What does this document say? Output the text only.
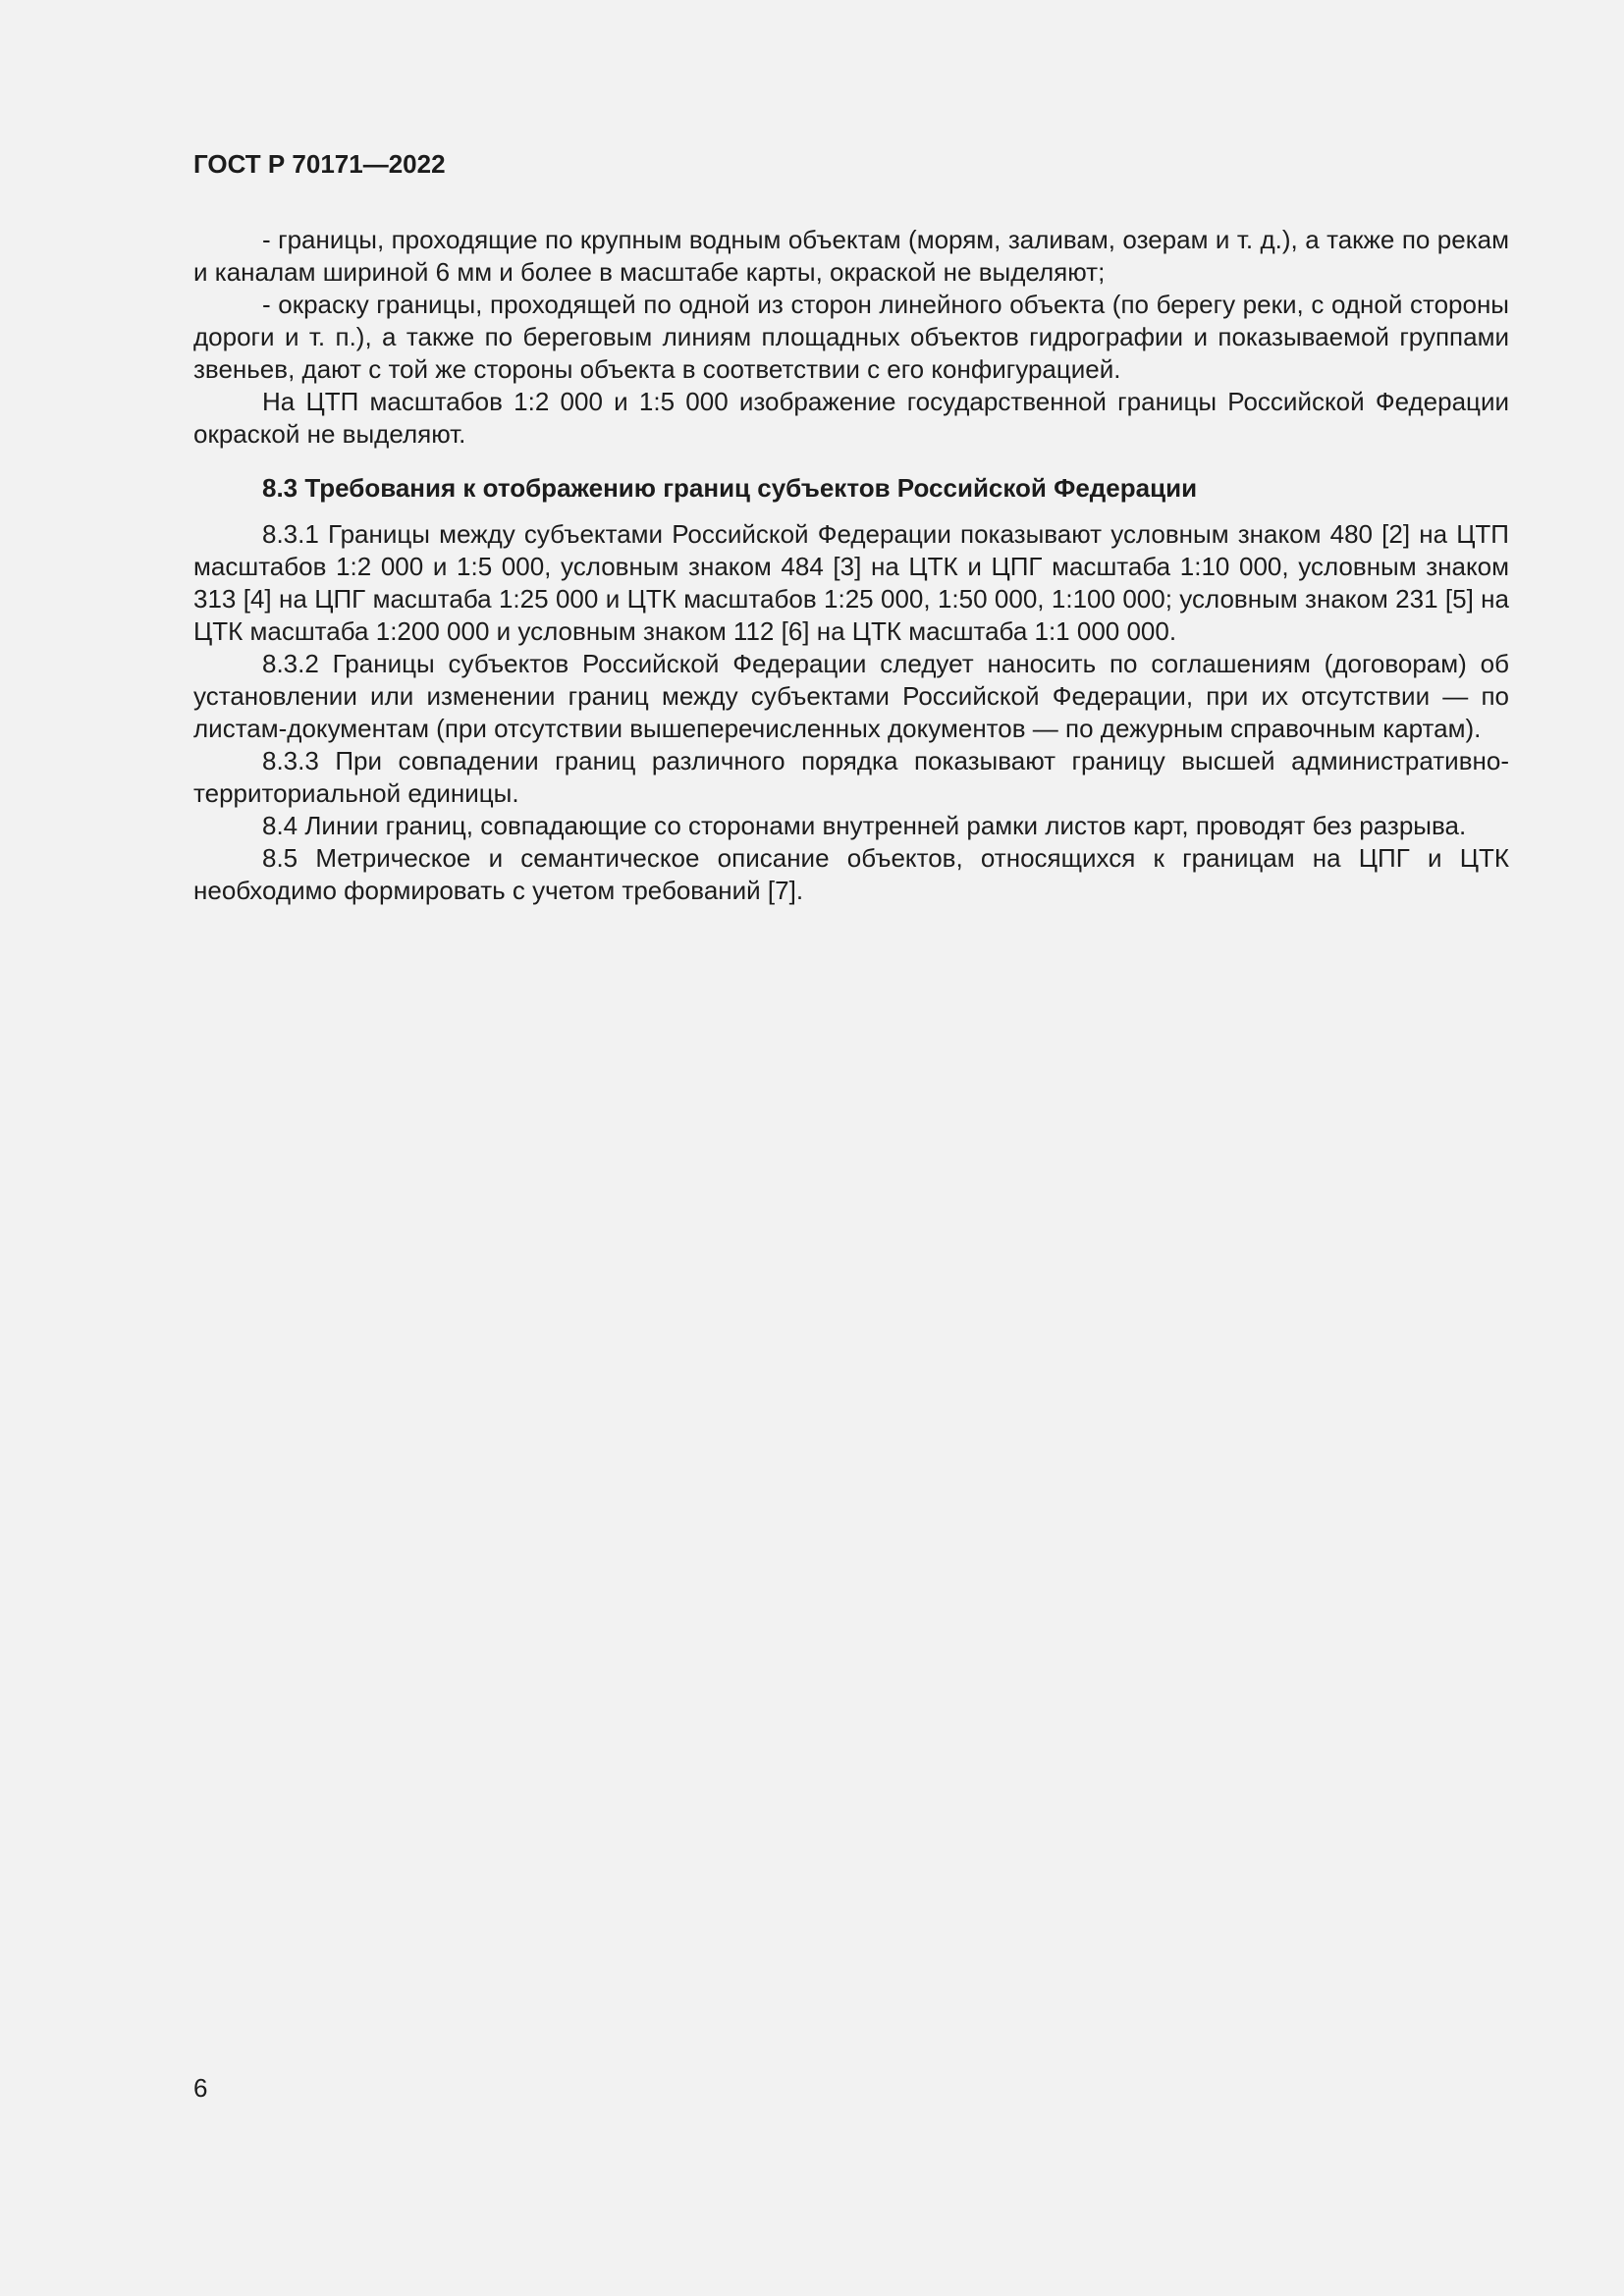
ГОСТ Р 70171—2022

- границы, проходящие по крупным водным объектам (морям, заливам, озерам и т. д.), а также по рекам и каналам шириной 6 мм и более в масштабе карты, окраской не выделяют;

- окраску границы, проходящей по одной из сторон линейного объекта (по берегу реки, с одной стороны дороги и т. п.), а также по береговым линиям площадных объектов гидрографии и показываемой группами звеньев, дают с той же стороны объекта в соответствии с его конфигурацией.

На ЦТП масштабов 1:2 000 и 1:5 000 изображение государственной границы Российской Федерации окраской не выделяют.

8.3 Требования к отображению границ субъектов Российской Федерации

8.3.1 Границы между субъектами Российской Федерации показывают условным знаком 480 [2] на ЦТП масштабов 1:2 000 и 1:5 000, условным знаком 484 [3] на ЦТК и ЦПГ масштаба 1:10 000, условным знаком 313 [4] на ЦПГ масштаба 1:25 000 и ЦТК масштабов 1:25 000, 1:50 000, 1:100 000; условным знаком 231 [5] на ЦТК масштаба 1:200 000 и условным знаком 112 [6] на ЦТК масштаба 1:1 000 000.

8.3.2 Границы субъектов Российской Федерации следует наносить по соглашениям (договорам) об установлении или изменении границ между субъектами Российской Федерации, при их отсутствии — по листам-документам (при отсутствии вышеперечисленных документов — по дежурным справочным картам).

8.3.3 При совпадении границ различного порядка показывают границу высшей административно-территориальной единицы.

8.4 Линии границ, совпадающие со сторонами внутренней рамки листов карт, проводят без разрыва.

8.5 Метрическое и семантическое описание объектов, относящихся к границам на ЦПГ и ЦТК необходимо формировать с учетом требований [7].

6
